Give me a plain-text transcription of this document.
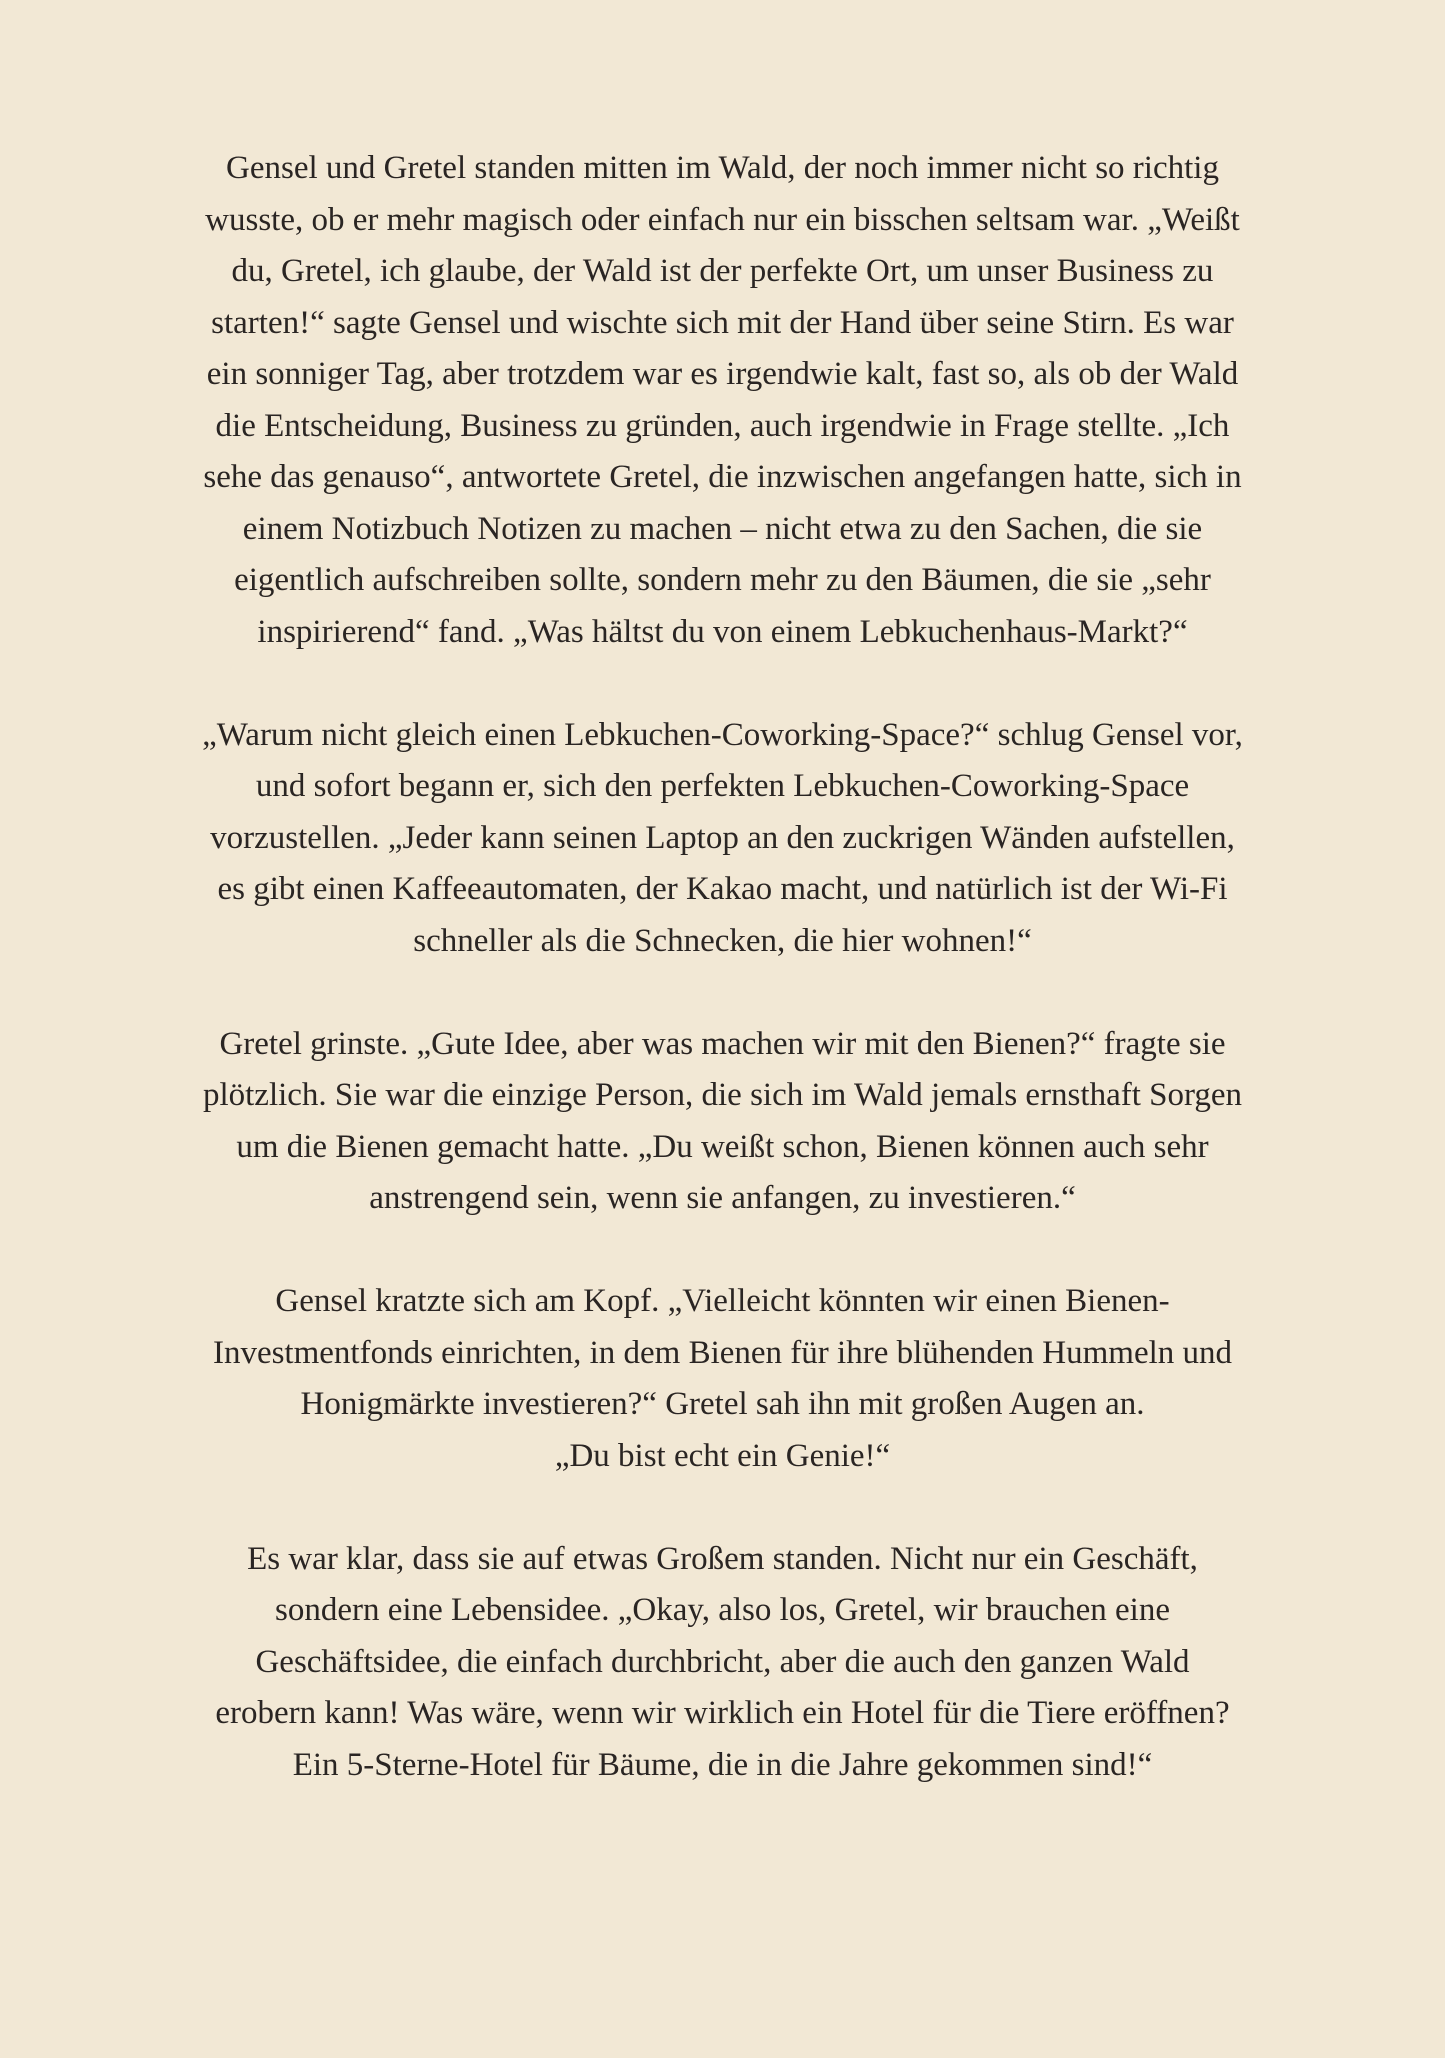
Gensel und Gretel standen mitten im Wald, der noch immer nicht so richtig
wusste, ob er mehr magisch oder einfach nur ein bisschen seltsam war. „Weißt
du, Gretel, ich glaube, der Wald ist der perfekte Ort, um unser Business zu
starten!“ sagte Gensel und wischte sich mit der Hand über seine Stirn. Es war
ein sonniger Tag, aber trotzdem war es irgendwie kalt, fast so, als ob der Wald
die Entscheidung, Business zu gründen, auch irgendwie in Frage stellte. „Ich
sehe das genauso“, antwortete Gretel, die inzwischen angefangen hatte, sich in
einem Notizbuch Notizen zu machen – nicht etwa zu den Sachen, die sie
eigentlich aufschreiben sollte, sondern mehr zu den Bäumen, die sie „sehr
inspirierend“ fand. „Was hältst du von einem Lebkuchenhaus-Markt?“

„Warum nicht gleich einen Lebkuchen-Coworking-Space?“ schlug Gensel vor,
und sofort begann er, sich den perfekten Lebkuchen-Coworking-Space
vorzustellen. „Jeder kann seinen Laptop an den zuckrigen Wänden aufstellen,
es gibt einen Kaffeeautomaten, der Kakao macht, und natürlich ist der Wi-Fi
schneller als die Schnecken, die hier wohnen!“

Gretel grinste. „Gute Idee, aber was machen wir mit den Bienen?“ fragte sie
plötzlich. Sie war die einzige Person, die sich im Wald jemals ernsthaft Sorgen
um die Bienen gemacht hatte. „Du weißt schon, Bienen können auch sehr
anstrengend sein, wenn sie anfangen, zu investieren.“

Gensel kratzte sich am Kopf. „Vielleicht könnten wir einen Bienen-
Investmentfonds einrichten, in dem Bienen für ihre blühenden Hummeln und
Honigmärkte investieren?“ Gretel sah ihn mit großen Augen an.
„Du bist echt ein Genie!“

Es war klar, dass sie auf etwas Großem standen. Nicht nur ein Geschäft,
sondern eine Lebensidee. „Okay, also los, Gretel, wir brauchen eine
Geschäftsidee, die einfach durchbricht, aber die auch den ganzen Wald
erobern kann! Was wäre, wenn wir wirklich ein Hotel für die Tiere eröffnen?
Ein 5-Sterne-Hotel für Bäume, die in die Jahre gekommen sind!“
